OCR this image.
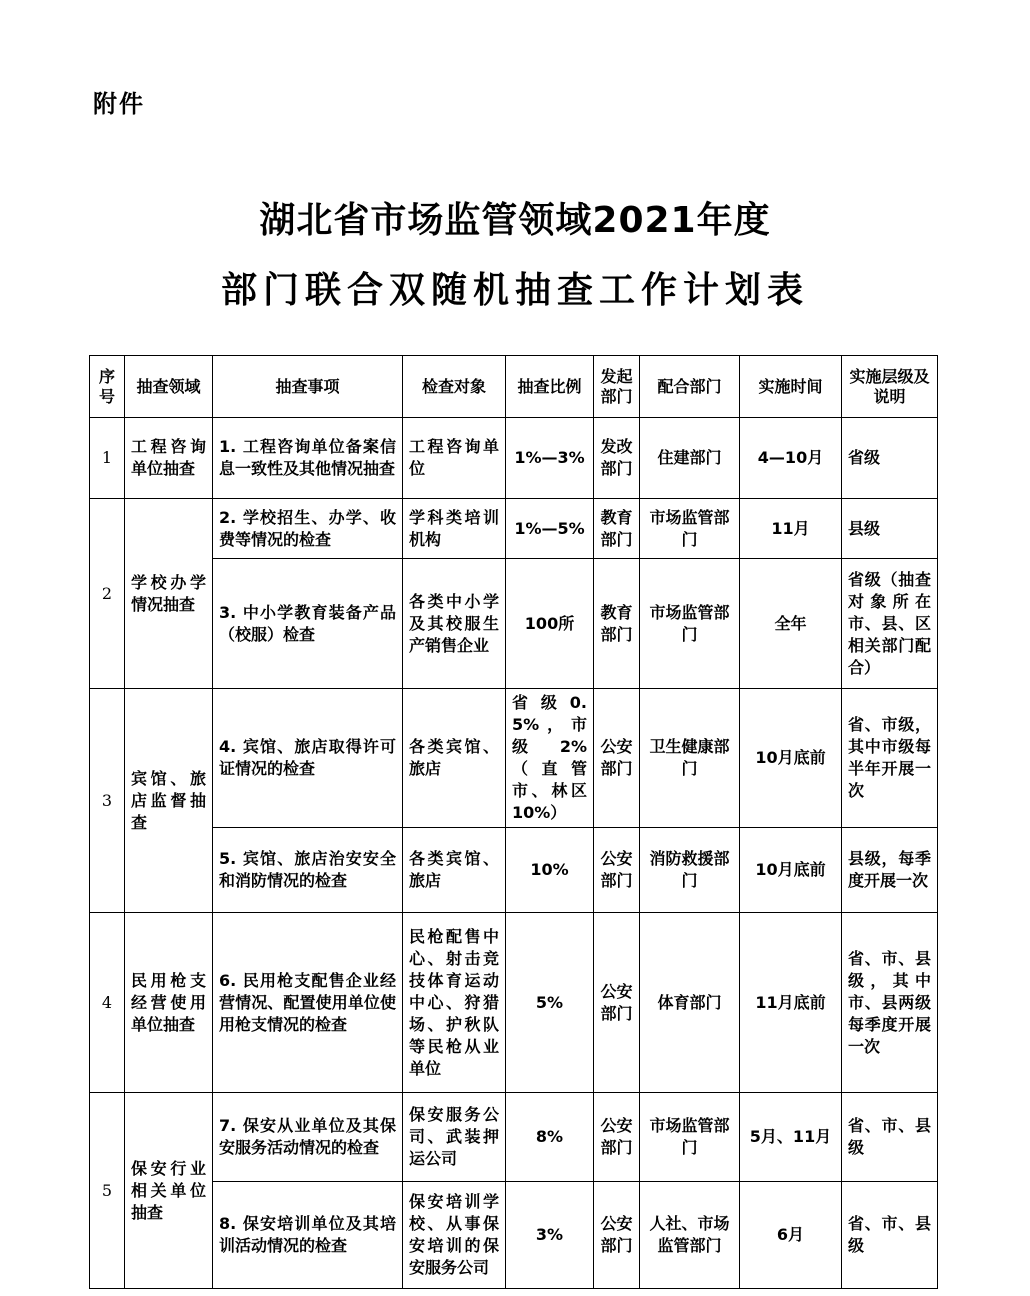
附件
湖北省市场监管领域2021年度
部门联合双随机抽查工作计划表
序号	抽查领域	抽查事项	检查对象	抽查比例	发起部门	配合部门	实施时间	实施层级及说明
1	工程咨询单位抽查	1. 工程咨询单位备案信息一致性及其他情况抽查	工程咨询单位	1%—3%	发改部门	住建部门	4—10月	省级
2	学校办学情况抽查	2. 学校招生、办学、收费等情况的检查	学科类培训机构	1%—5%	教育部门	市场监管部门	11月	县级
		3. 中小学教育装备产品（校服）检查	各类中小学及其校服生产销售企业	100所	教育部门	市场监管部门	全年	省级（抽查对象所在市、县、区相关部门配合）
3	宾馆、旅店监督抽查	4. 宾馆、旅店取得许可证情况的检查	各类宾馆、旅店	省级0.5%，市级2%（直管市、林区10%）	公安部门	卫生健康部门	10月底前	省、市级，其中市级每半年开展一次
		5. 宾馆、旅店治安安全和消防情况的检查	各类宾馆、旅店	10%	公安部门	消防救援部门	10月底前	县级，每季度开展一次
4	民用枪支经营使用单位抽查	6. 民用枪支配售企业经营情况、配置使用单位使用枪支情况的检查	民枪配售中心、射击竞技体育运动中心、狩猎场、护秋队等民枪从业单位	5%	公安部门	体育部门	11月底前	省、市、县级，其中市、县两级每季度开展一次
5	保安行业相关单位抽查	7. 保安从业单位及其保安服务活动情况的检查	保安服务公司、武装押运公司	8%	公安部门	市场监管部门	5月、11月	省、市、县级
		8. 保安培训单位及其培训活动情况的检查	保安培训学校、从事保安培训的保安服务公司	3%	公安部门	人社、市场监管部门	6月	省、市、县级
